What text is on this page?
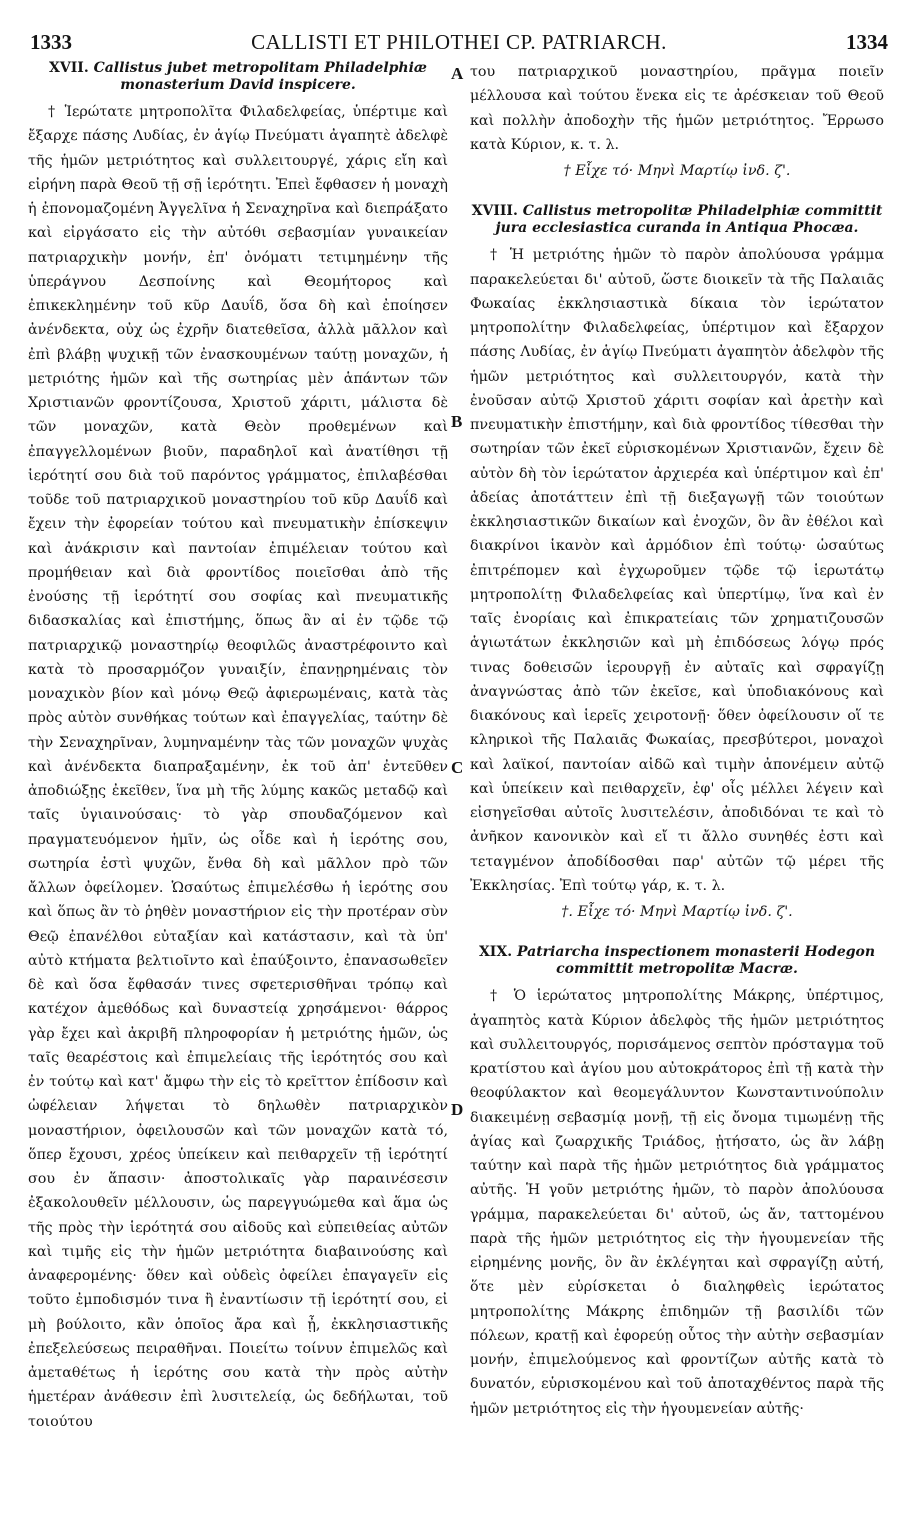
1333	CALLISTI ET PHILOTHEI CP. PATRIARCH.	1334
A
B
C
D
XVII. Callistus jubet metropolitam Philadelphiæ monasterium David inspicere.

† Ἱερώτατε μητροπολῖτα Φιλαδελφείας, ὑπέρτιμε καὶ ἔξαρχε πάσης Λυδίας, ἐν ἁγίῳ Πνεύματι ἀγαπητὲ ἀδελφὲ τῆς ἡμῶν μετριότητος καὶ συλλειτουργέ, χάρις εἴη καὶ εἰρήνη παρὰ Θεοῦ τῇ σῇ ἱερότητι. Ἐπεὶ ἔφθασεν ἡ μοναχὴ ἡ ἐπονομαζομένη Ἀγγελῖνα ἡ Σεναχηρῖνα καὶ διεπράξατο καὶ εἰργάσατο εἰς τὴν αὐτόθι σεβασμίαν γυναικείαν πατριαρχικὴν μονήν, ἐπ' ὀνόματι τετιμημένην τῆς ὑπεράγνου Δεσποίνης καὶ Θεομήτορος καὶ ἐπικεκλημένην τοῦ κῦρ Δαυΐδ, ὅσα δὴ καὶ ἐποίησεν ἀνένδεκτα, οὐχ ὡς ἐχρῆν διατεθεῖσα, ἀλλὰ μᾶλλον καὶ ἐπὶ βλάβῃ ψυχικῇ τῶν ἐνασκουμένων ταύτῃ μοναχῶν, ἡ μετριότης ἡμῶν καὶ τῆς σωτηρίας μὲν ἁπάντων τῶν Χριστιανῶν φροντίζουσα, Χριστοῦ χάριτι, μάλιστα δὲ τῶν μοναχῶν, κατὰ Θεὸν προθεμένων καὶ ἐπαγγελλομένων βιοῦν, παραδηλοῖ καὶ ἀνατίθησι τῇ ἱερότητί σου διὰ τοῦ παρόντος γράμματος, ἐπιλαβέσθαι τοῦδε τοῦ πατριαρχικοῦ μοναστηρίου τοῦ κῦρ Δαυΐδ καὶ ἔχειν τὴν ἐφορείαν τούτου καὶ πνευματικὴν ἐπίσκεψιν καὶ ἀνάκρισιν καὶ παντοίαν ἐπιμέλειαν τούτου καὶ προμήθειαν καὶ διὰ φροντίδος ποιεῖσθαι ἀπὸ τῆς ἐνούσης τῇ ἱερότητί σου σοφίας καὶ πνευματικῆς διδασκαλίας καὶ ἐπιστήμης, ὅπως ἂν αἱ ἐν τῷδε τῷ πατριαρχικῷ μοναστηρίῳ θεοφιλῶς ἀναστρέφοιντο καὶ κατὰ τὸ προσαρμόζον γυναιξίν, ἐπανῃρημέναις τὸν μοναχικὸν βίον καὶ μόνῳ Θεῷ ἀφιερωμέναις, κατὰ τὰς πρὸς αὐτὸν συνθήκας τούτων καὶ ἐπαγγελίας, ταύτην δὲ τὴν Σεναχηρῖναν, λυμηναμένην τὰς τῶν μοναχῶν ψυχὰς καὶ ἀνένδεκτα διαπραξαμένην, ἐκ τοῦ ἀπ' ἐντεῦθεν ἀποδιώξῃς ἐκεῖθεν, ἵνα μὴ τῆς λύμης κακῶς μεταδῷ καὶ ταῖς ὑγιαινούσαις· τὸ γὰρ σπουδαζόμενον καὶ πραγματευόμενον ἡμῖν, ὡς οἶδε καὶ ἡ ἱερότης σου, σωτηρία ἐστὶ ψυχῶν, ἔνθα δὴ καὶ μᾶλλον πρὸ τῶν ἄλλων ὀφείλομεν. Ὡσαύτως ἐπιμελέσθω ἡ ἱερότης σου καὶ ὅπως ἂν τὸ ῥηθὲν μοναστήριον εἰς τὴν προτέραν σὺν Θεῷ ἐπανέλθοι εὐταξίαν καὶ κατάστασιν, καὶ τὰ ὑπ' αὐτὸ κτήματα βελτιοῖντο καὶ ἐπαύξοιντο, ἐπανασωθεῖεν δὲ καὶ ὅσα ἔφθασάν τινες σφετερισθῆναι τρόπῳ καὶ κατέχον ἀμεθόδως καὶ δυναστείᾳ χρησάμενοι· θάρρος γὰρ ἔχει καὶ ἀκριβῆ πληροφορίαν ἡ μετριότης ἡμῶν, ὡς ταῖς θεαρέστοις καὶ ἐπιμελείαις τῆς ἱερότητός σου καὶ ἐν τούτῳ καὶ κατ' ἄμφω τὴν εἰς τὸ κρεῖττον ἐπίδοσιν καὶ ὠφέλειαν λήψεται τὸ δηλωθὲν πατριαρχικὸν μοναστήριον, ὀφειλουσῶν καὶ τῶν μοναχῶν κατὰ τό, ὅπερ ἔχουσι, χρέος ὑπείκειν καὶ πειθαρχεῖν τῇ ἱερότητί σου ἐν ἅπασιν· ἀποστολικαῖς γὰρ παραινέσεσιν ἐξακολουθεῖν μέλλουσιν, ὡς παρεγγυώμεθα καὶ ἅμα ὡς τῆς πρὸς τὴν ἱερότητά σου αἰδοῦς καὶ εὐπειθείας αὐτῶν καὶ τιμῆς εἰς τὴν ἡμῶν μετριότητα διαβαινούσης καὶ ἀναφερομένης· ὅθεν καὶ οὐδεὶς ὀφείλει ἐπαγαγεῖν εἰς τοῦτο ἐμποδισμόν τινα ἢ ἐναντίωσιν τῇ ἱερότητί σου, εἰ μὴ βούλοιτο, κἂν ὁποῖος ἄρα καὶ ᾖ, ἐκκλησιαστικῆς ἐπεξελεύσεως πειραθῆναι. Ποιείτω τοίνυν ἐπιμελῶς καὶ ἀμεταθέτως ἡ ἱερότης σου κατὰ τὴν πρὸς αὐτὴν ἡμετέραν ἀνάθεσιν ἐπὶ λυσιτελείᾳ, ὡς δεδήλωται, τοῦ τοιούτου

του πατριαρχικοῦ μοναστηρίου, πρᾶγμα ποιεῖν μέλλουσα καὶ τούτου ἕνεκα εἰς τε ἀρέσκειαν τοῦ Θεοῦ καὶ πολλὴν ἀποδοχὴν τῆς ἡμῶν μετριότητος. Ἔρρωσο κατὰ Κύριον, κ. τ. λ.

† Εἶχε τό· Μηνὶ Μαρτίῳ ἰνδ. ζ'.
XVIII. Callistus metropolitæ Philadelphiæ committit jura ecclesiastica curanda in Antiqua Phocæa.

† Ἡ μετριότης ἡμῶν τὸ παρὸν ἀπολύουσα γράμμα παρακελεύεται δι' αὐτοῦ, ὥστε διοικεῖν τὰ τῆς Παλαιᾶς Φωκαίας ἐκκλησιαστικὰ δίκαια τὸν ἱερώτατον μητροπολίτην Φιλαδελφείας, ὑπέρτιμον καὶ ἔξαρχον πάσης Λυδίας, ἐν ἁγίῳ Πνεύματι ἀγαπητὸν ἀδελφὸν τῆς ἡμῶν μετριότητος καὶ συλλειτουργόν, κατὰ τὴν ἐνοῦσαν αὐτῷ Χριστοῦ χάριτι σοφίαν καὶ ἀρετὴν καὶ πνευματικὴν ἐπιστήμην, καὶ διὰ φροντίδος τίθεσθαι τὴν σωτηρίαν τῶν ἐκεῖ εὑρισκομένων Χριστιανῶν, ἔχειν δὲ αὐτὸν δὴ τὸν ἱερώτατον ἀρχιερέα καὶ ὑπέρτιμον καὶ ἐπ' ἀδείας ἀποτάττειν ἐπὶ τῇ διεξαγωγῇ τῶν τοιούτων ἐκκλησιαστικῶν δικαίων καὶ ἐνοχῶν, ὃν ἂν ἐθέλοι καὶ διακρίνοι ἱκανὸν καὶ ἁρμόδιον ἐπὶ τούτῳ· ὡσαύτως ἐπιτρέπομεν καὶ ἐγχωροῦμεν τῷδε τῷ ἱερωτάτῳ μητροπολίτῃ Φιλαδελφείας καὶ ὑπερτίμῳ, ἵνα καὶ ἐν ταῖς ἐνορίαις καὶ ἐπικρατείαις τῶν χρηματιζουσῶν ἁγιωτάτων ἐκκλησιῶν καὶ μὴ ἐπιδόσεως λόγῳ πρός τινας δοθεισῶν ἱερουργῇ ἐν αὐταῖς καὶ σφραγίζῃ ἀναγνώστας ἀπὸ τῶν ἐκεῖσε, καὶ ὑποδιακόνους καὶ διακόνους καὶ ἱερεῖς χειροτονῇ· ὅθεν ὀφείλουσιν οἵ τε κληρικοὶ τῆς Παλαιᾶς Φωκαίας, πρεσβύτεροι, μοναχοὶ καὶ λαϊκοί, παντοίαν αἰδῶ καὶ τιμὴν ἀπονέμειν αὐτῷ καὶ ὑπείκειν καὶ πειθαρχεῖν, ἐφ' οἷς μέλλει λέγειν καὶ εἰσηγεῖσθαι αὐτοῖς λυσιτελέσιν, ἀποδιδόναι τε καὶ τὸ ἀνῆκον κανονικὸν καὶ εἴ τι ἄλλο συνηθές ἐστι καὶ τεταγμένον ἀποδίδοσθαι παρ' αὐτῶν τῷ μέρει τῆς Ἐκκλησίας. Ἐπὶ τούτῳ γάρ, κ. τ. λ.

†. Εἶχε τό· Μηνὶ Μαρτίῳ ἰνδ. ζ'.
XIX. Patriarcha inspectionem monasterii Hodegon committit metropolitæ Macræ.

† Ὁ ἱερώτατος μητροπολίτης Μάκρης, ὑπέρτιμος, ἀγαπητὸς κατὰ Κύριον ἀδελφὸς τῆς ἡμῶν μετριότητος καὶ συλλειτουργός, πορισάμενος σεπτὸν πρόσταγμα τοῦ κρατίστου καὶ ἁγίου μου αὐτοκράτορος ἐπὶ τῇ κατὰ τὴν θεοφύλακτον καὶ θεομεγάλυντον Κωνσταντινούπολιν διακειμένῃ σεβασμίᾳ μονῇ, τῇ εἰς ὄνομα τιμωμένῃ τῆς ἁγίας καὶ ζωαρχικῆς Τριάδος, ᾐτήσατο, ὡς ἂν λάβῃ ταύτην καὶ παρὰ τῆς ἡμῶν μετριότητος διὰ γράμματος αὐτῆς. Ἡ γοῦν μετριότης ἡμῶν, τὸ παρὸν ἀπολύουσα γράμμα, παρακελεύεται δι' αὐτοῦ, ὡς ἄν, ταττομένου παρὰ τῆς ἡμῶν μετριότητος εἰς τὴν ἡγουμενείαν τῆς εἰρημένης μονῆς, ὃν ἂν ἐκλέγηται καὶ σφραγίζῃ αὐτή, ὅτε μὲν εὑρίσκεται ὁ διαληφθεὶς ἱερώτατος μητροπολίτης Μάκρης ἐπιδημῶν τῇ βασιλίδι τῶν πόλεων, κρατῇ καὶ ἐφορεύῃ οὗτος τὴν αὐτὴν σεβασμίαν μονήν, ἐπιμελούμενος καὶ φροντίζων αὐτῆς κατὰ τὸ δυνατόν, εὑρισκομένου καὶ τοῦ ἀποταχθέντος παρὰ τῆς ἡμῶν μετριότητος εἰς τὴν ἡγουμενείαν αὐτῆς·
